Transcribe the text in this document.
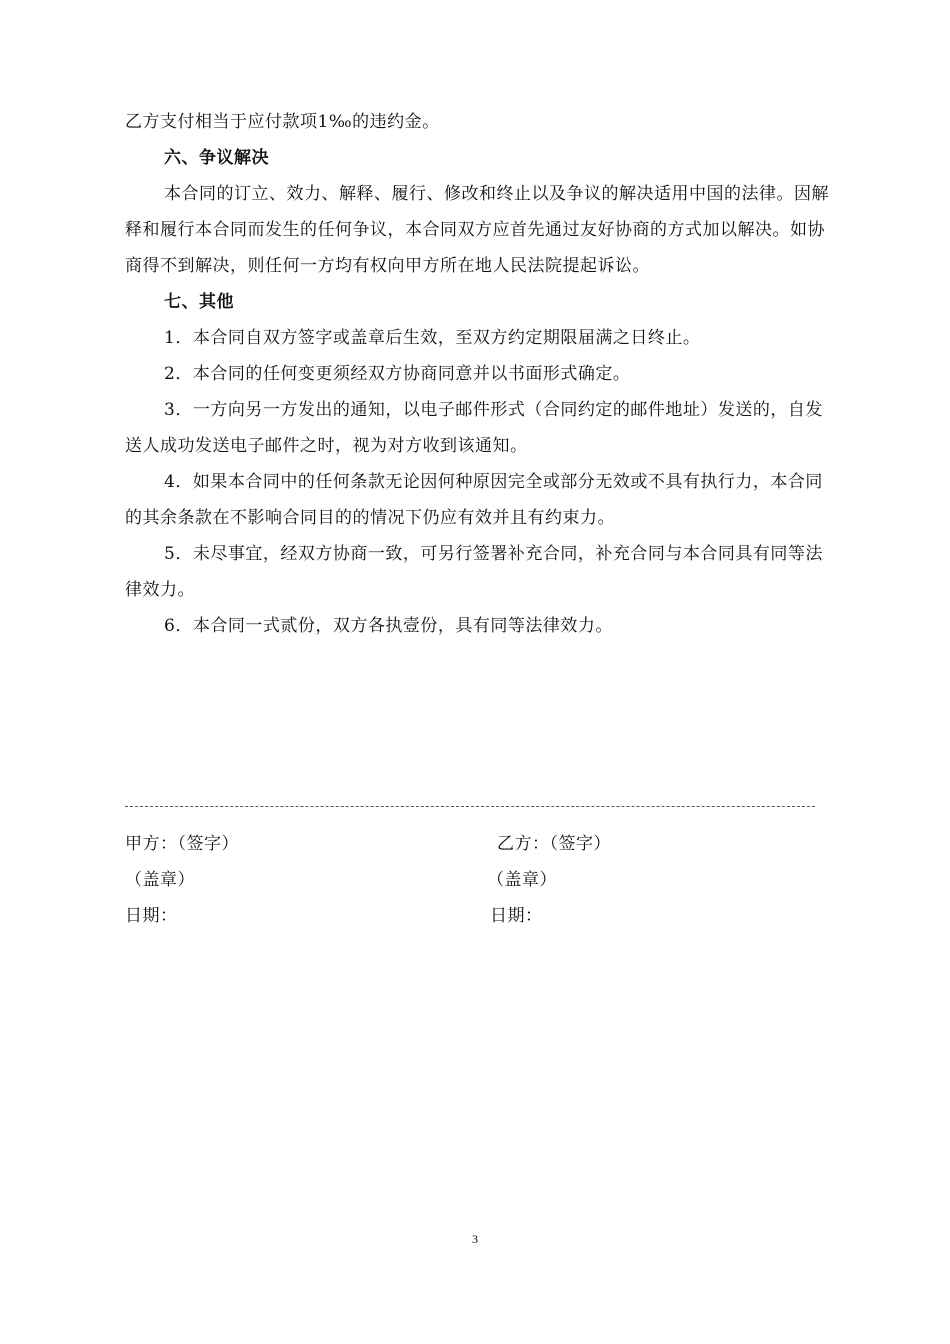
乙方支付相当于应付款项1‰的违约金。

六、争议解决

本合同的订立、效力、解释、履行、修改和终止以及争议的解决适用中国的法律。因解释和履行本合同而发生的任何争议，本合同双方应首先通过友好协商的方式加以解决。如协商得不到解决，则任何一方均有权向甲方所在地人民法院提起诉讼。

七、其他

1．本合同自双方签字或盖章后生效，至双方约定期限届满之日终止。

2．本合同的任何变更须经双方协商同意并以书面形式确定。

3．一方向另一方发出的通知，以电子邮件形式（合同约定的邮件地址）发送的，自发送人成功发送电子邮件之时，视为对方收到该通知。

4．如果本合同中的任何条款无论因何种原因完全或部分无效或不具有执行力，本合同的其余条款在不影响合同目的的情况下仍应有效并且有约束力。

5．未尽事宜，经双方协商一致，可另行签署补充合同，补充合同与本合同具有同等法律效力。

6．本合同一式贰份，双方各执壹份，具有同等法律效力。

甲方：（签字）
（盖章）
日期：
乙方：（签字）
（盖章）
日期：
3
